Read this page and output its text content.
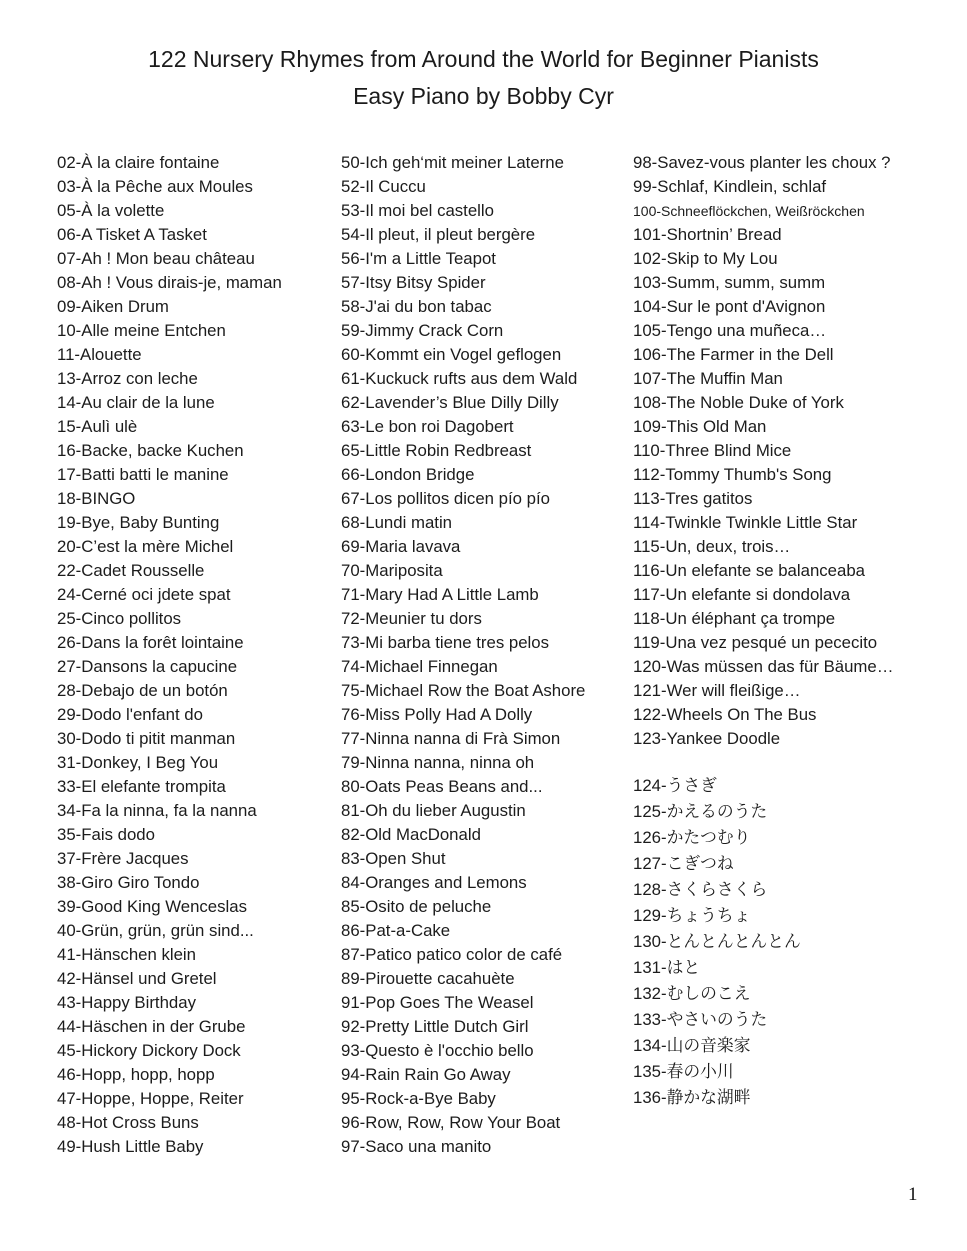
122 Nursery Rhymes from Around the World for Beginner Pianists
Easy Piano by Bobby Cyr
02-À la claire fontaine
03-À la Pêche aux Moules
05-À la volette
06-A Tisket A Tasket
07-Ah ! Mon beau château
08-Ah ! Vous dirais-je, maman
09-Aiken Drum
10-Alle meine Entchen
11-Alouette
13-Arroz con leche
14-Au clair de la lune
15-Aulì ulè
16-Backe, backe Kuchen
17-Batti batti le manine
18-BINGO
19-Bye, Baby Bunting
20-C’est la mère Michel
22-Cadet Rousselle
24-Cerné oci jdete spat
25-Cinco pollitos
26-Dans la forêt lointaine
27-Dansons la capucine
28-Debajo de un botón
29-Dodo l'enfant do
30-Dodo ti pitit manman
31-Donkey, I Beg You
33-El elefante trompita
34-Fa la ninna, fa la nanna
35-Fais dodo
37-Frère Jacques
38-Giro Giro Tondo
39-Good King Wenceslas
40-Grün, grün, grün sind...
41-Hänschen klein
42-Hänsel und Gretel
43-Happy Birthday
44-Häschen in der Grube
45-Hickory Dickory Dock
46-Hopp, hopp, hopp
47-Hoppe, Hoppe, Reiter
48-Hot Cross Buns
49-Hush Little Baby
50-Ich geh‘mit meiner Laterne
52-Il Cuccu
53-Il moi bel castello
54-Il pleut, il pleut bergère
56-I'm a Little Teapot
57-Itsy Bitsy Spider
58-J'ai du bon tabac
59-Jimmy Crack Corn
60-Kommt ein Vogel geflogen
61-Kuckuck rufts aus dem Wald
62-Lavender’s Blue Dilly Dilly
63-Le bon roi Dagobert
65-Little Robin Redbreast
66-London Bridge
67-Los pollitos dicen pío pío
68-Lundi matin
69-Maria lavava
70-Mariposita
71-Mary Had A Little Lamb
72-Meunier tu dors
73-Mi barba tiene tres pelos
74-Michael Finnegan
75-Michael Row the Boat Ashore
76-Miss Polly Had A Dolly
77-Ninna nanna di Frà Simon
79-Ninna nanna, ninna oh
80-Oats Peas Beans and...
81-Oh du lieber Augustin
82-Old MacDonald
83-Open Shut
84-Oranges and Lemons
85-Osito de peluche
86-Pat-a-Cake
87-Patico patico color de café
89-Pirouette cacahuète
91-Pop Goes The Weasel
92-Pretty Little Dutch Girl
93-Questo è l'occhio bello
94-Rain Rain Go Away
95-Rock-a-Bye Baby
96-Row, Row, Row Your Boat
97-Saco una manito
98-Savez-vous planter les choux ?
99-Schlaf, Kindlein, schlaf
100-Schneeflöckchen, Weißröckchen
101-Shortnin’ Bread
102-Skip to My Lou
103-Summ, summ, summ
104-Sur le pont d'Avignon
105-Tengo una muñeca…
106-The Farmer in the Dell
107-The Muffin Man
108-The Noble Duke of York
109-This Old Man
110-Three Blind Mice
112-Tommy Thumb's Song
113-Tres gatitos
114-Twinkle Twinkle Little Star
115-Un, deux, trois…
116-Un elefante se balanceaba
117-Un elefante si dondolava
118-Un éléphant ça trompe
119-Una vez pesqué un pececito
120-Was müssen das für Bäume…
121-Wer will fleißige…
122-Wheels On The Bus
123-Yankee Doodle
124-うさぎ
125-かえるのうた
126-かたつむり
127-こぎつね
128-さくらさくら
129-ちょうちょ
130-とんとんとんとん
131-はと
132-むしのこえ
133-やさいのうた
134-山の音楽家
135-春の小川
136-静かな湖畔
1
